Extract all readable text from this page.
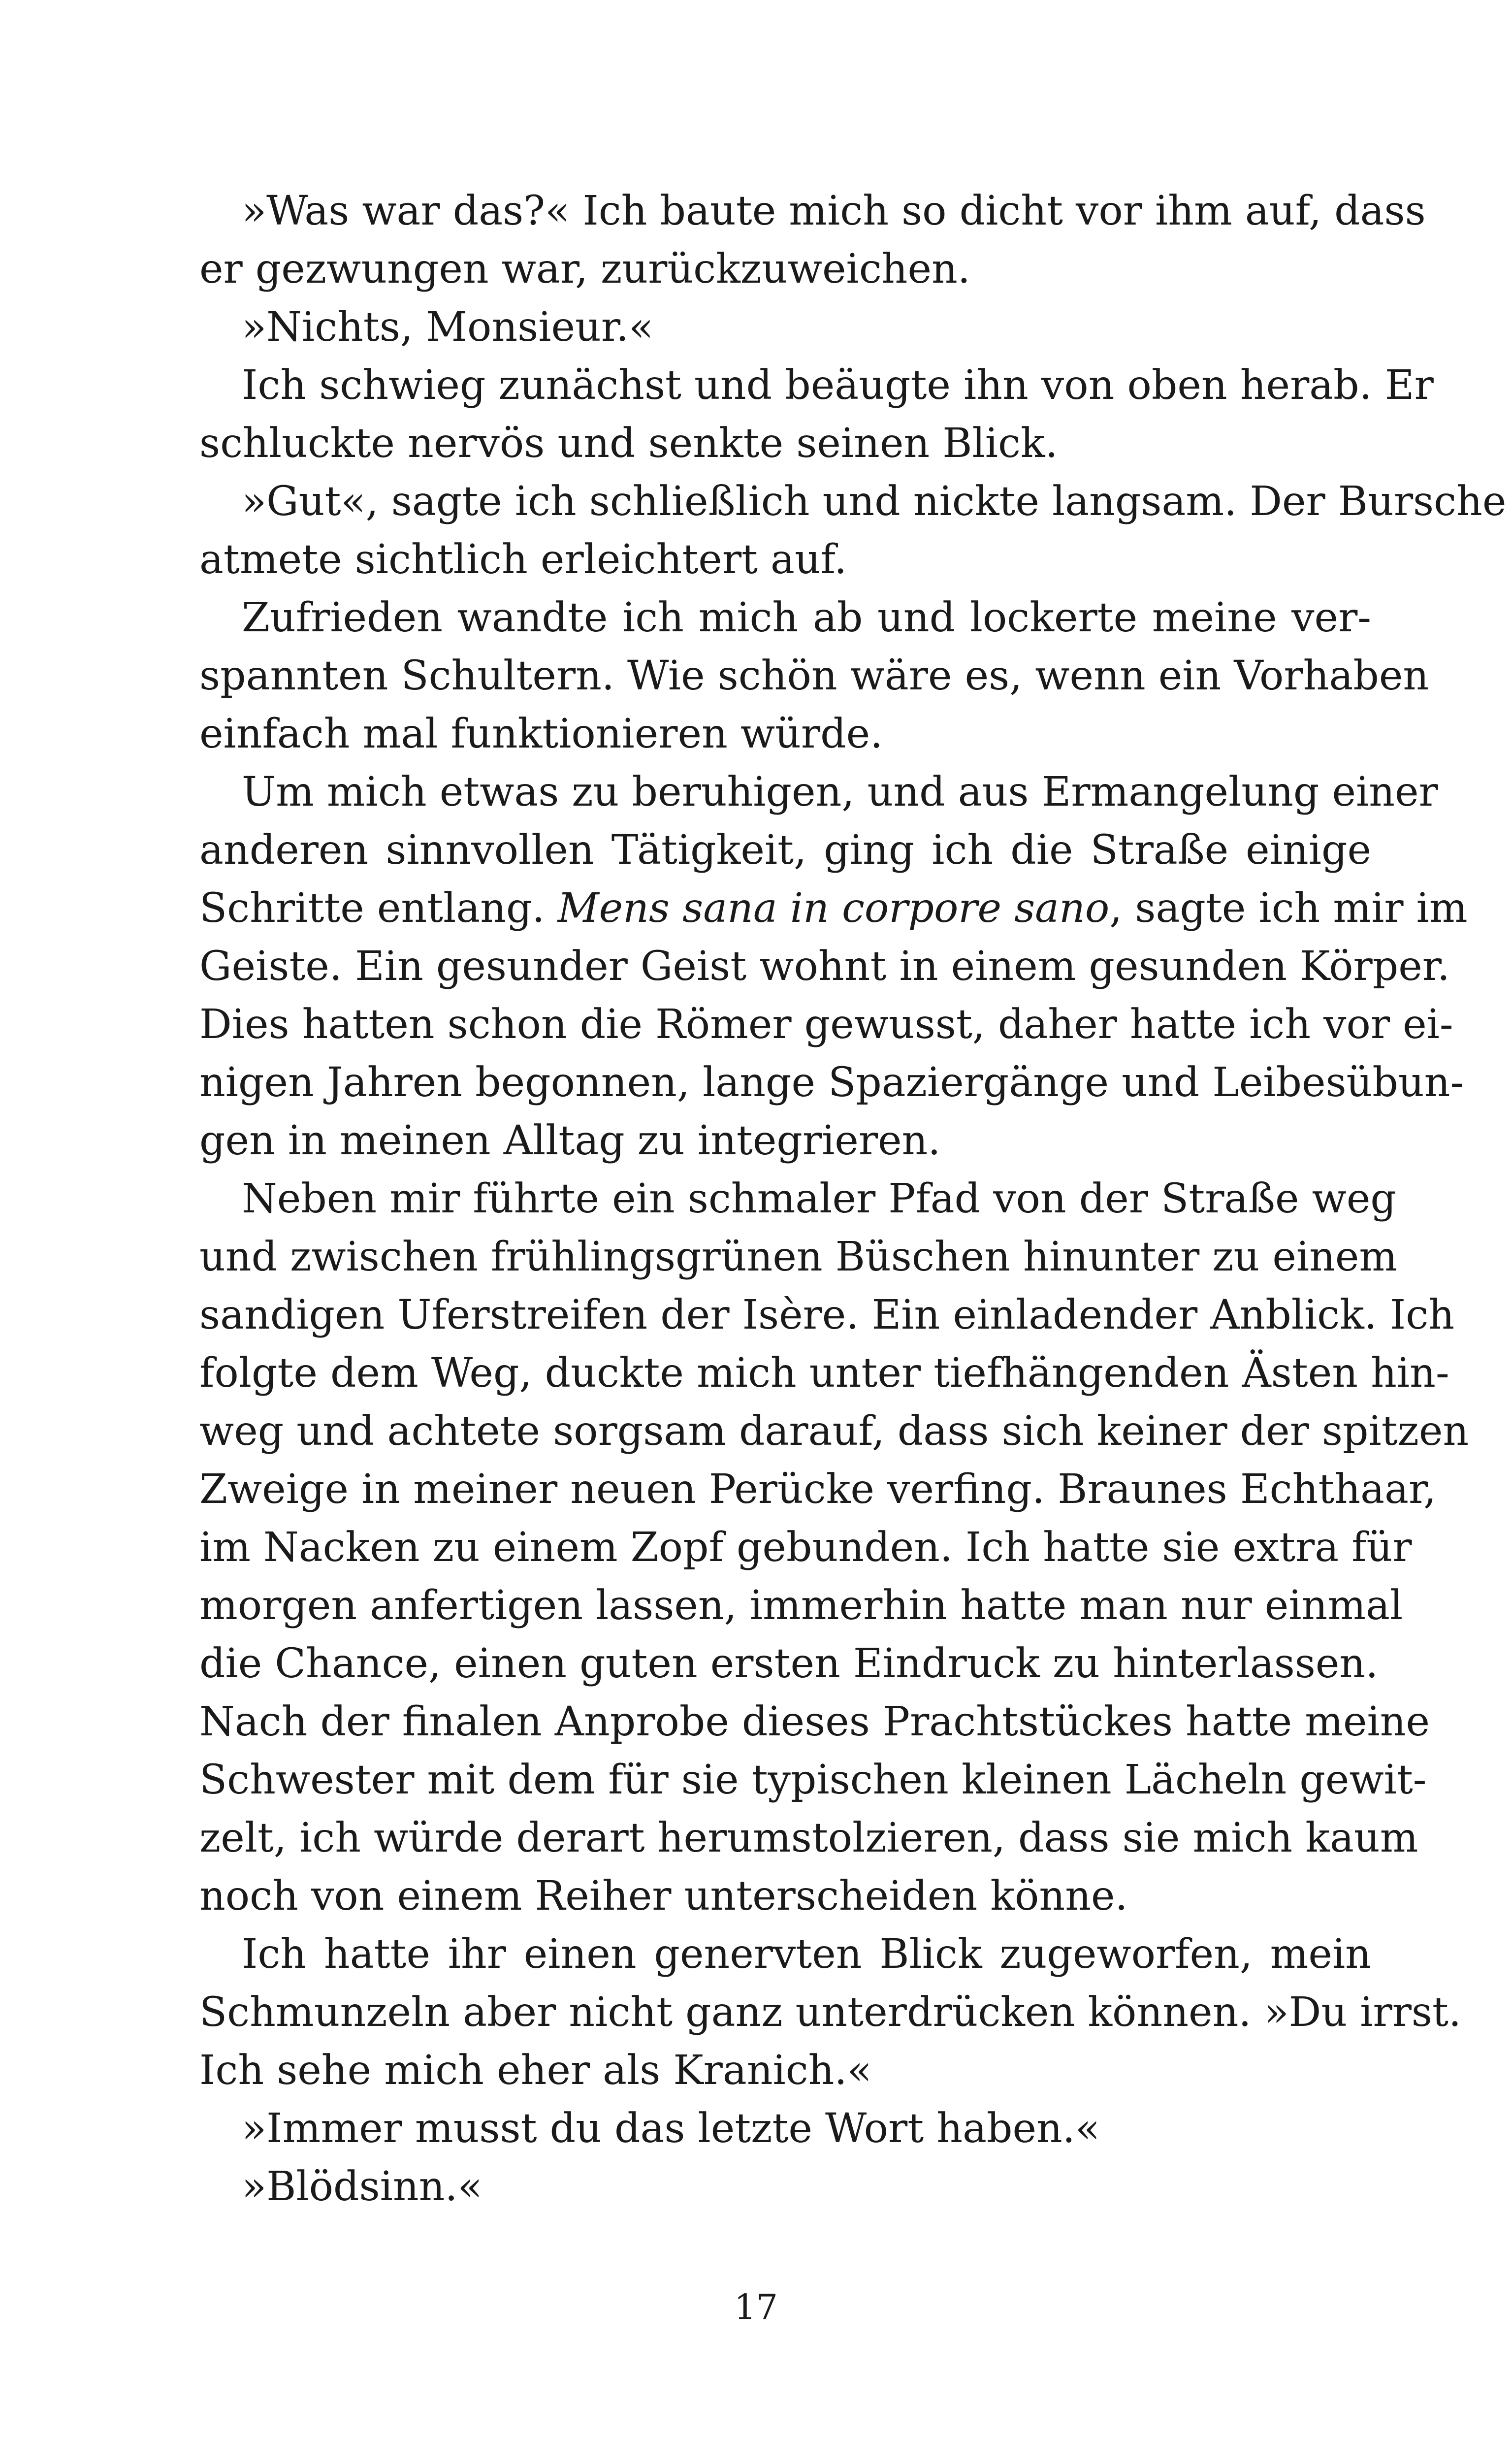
»Was war das?« Ich baute mich so dicht vor ihm auf, dass
er gezwungen war, zurückzuweichen.

»Nichts, Monsieur.«

Ich schwieg zunächst und beäugte ihn von oben herab. Er
schluckte nervös und senkte seinen Blick.

»Gut«, sagte ich schließlich und nickte langsam. Der Bursche
atmete sichtlich erleichtert auf.

Zufrieden wandte ich mich ab und lockerte meine ver-
spannten Schultern. Wie schön wäre es, wenn ein Vorhaben
einfach mal funktionieren würde.

Um mich etwas zu beruhigen, und aus Ermangelung einer
anderen sinnvollen Tätigkeit, ging ich die Straße einige
Schritte entlang. Mens sana in corpore sano, sagte ich mir im
Geiste. Ein gesunder Geist wohnt in einem gesunden Körper.
Dies hatten schon die Römer gewusst, daher hatte ich vor ei-
nigen Jahren begonnen, lange Spaziergänge und Leibesübun-
gen in meinen Alltag zu integrieren.

Neben mir führte ein schmaler Pfad von der Straße weg
und zwischen frühlingsgrünen Büschen hinunter zu einem
sandigen Uferstreifen der Isère. Ein einladender Anblick. Ich
folgte dem Weg, duckte mich unter tiefhängenden Ästen hin-
weg und achtete sorgsam darauf, dass sich keiner der spitzen
Zweige in meiner neuen Perücke verfing. Braunes Echthaar,
im Nacken zu einem Zopf gebunden. Ich hatte sie extra für
morgen anfertigen lassen, immerhin hatte man nur einmal
die Chance, einen guten ersten Eindruck zu hinterlassen.
Nach der finalen Anprobe dieses Prachtstückes hatte meine
Schwester mit dem für sie typischen kleinen Lächeln gewit-
zelt, ich würde derart herumstolzieren, dass sie mich kaum
noch von einem Reiher unterscheiden könne.

Ich hatte ihr einen genervten Blick zugeworfen, mein
Schmunzeln aber nicht ganz unterdrücken können. »Du irrst.
Ich sehe mich eher als Kranich.«

»Immer musst du das letzte Wort haben.«

»Blödsinn.«

17
